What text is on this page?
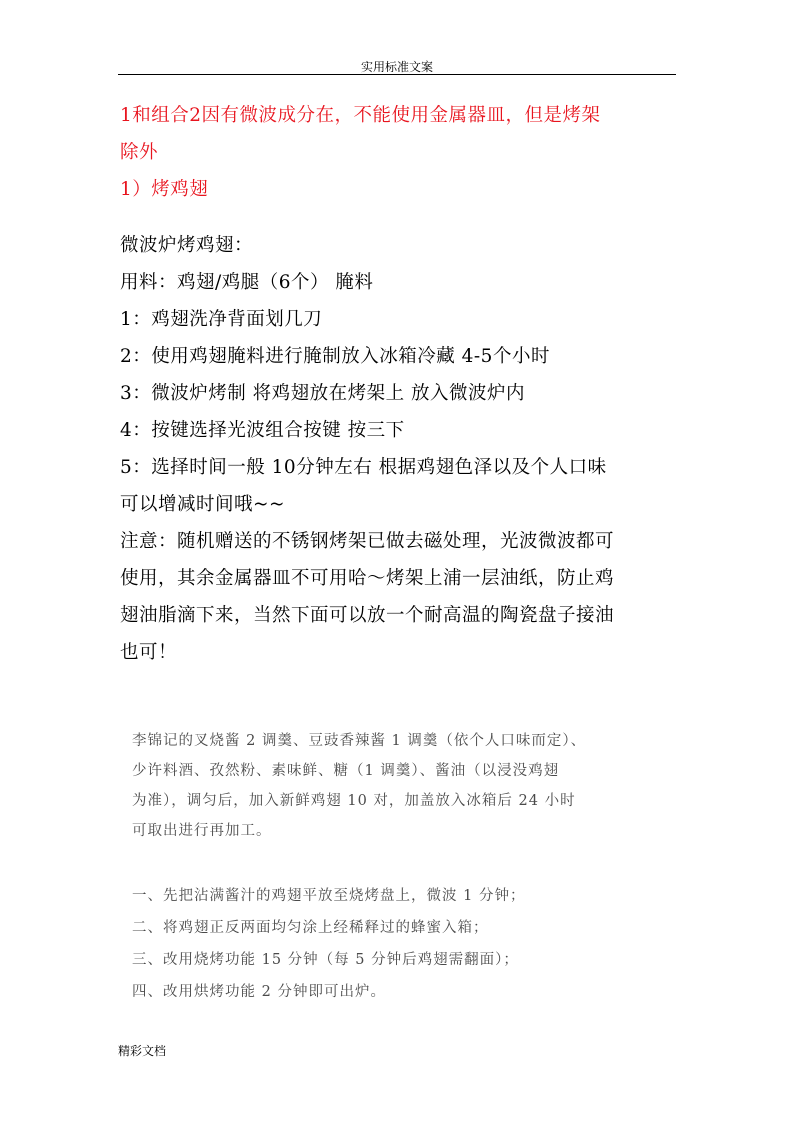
实用标准文案

1和组合2因有微波成分在，不能使用金属器皿，但是烤架

除外

1）烤鸡翅

微波炉烤鸡翅：

用料：鸡翅/鸡腿（6个） 腌料

1：鸡翅洗净背面划几刀

2：使用鸡翅腌料进行腌制放入冰箱冷藏 4-5个小时

3：微波炉烤制 将鸡翅放在烤架上 放入微波炉内

4：按键选择光波组合按键 按三下

5：选择时间一般 10分钟左右 根据鸡翅色泽以及个人口味

可以增减时间哦~~

注意：随机赠送的不锈钢烤架已做去磁处理，光波微波都可

使用，其余金属器皿不可用哈～烤架上浦一层油纸，防止鸡

翅油脂滴下来，当然下面可以放一个耐高温的陶瓷盘子接油

也可！

李锦记的叉烧酱 2 调羹、豆豉香辣酱 1 调羹（依个人口味而定）、
少许料酒、孜然粉、素味鲜、糖（1 调羹）、酱油（以浸没鸡翅
为准），调匀后，加入新鲜鸡翅 10 对，加盖放入冰箱后 24 小时
可取出进行再加工。
一、先把沾满酱汁的鸡翅平放至烧烤盘上，微波 1 分钟；
二、将鸡翅正反两面均匀涂上经稀释过的蜂蜜入箱；
三、改用烧烤功能 15 分钟（每 5 分钟后鸡翅需翻面）；
四、改用烘烤功能 2 分钟即可出炉。
精彩文档
